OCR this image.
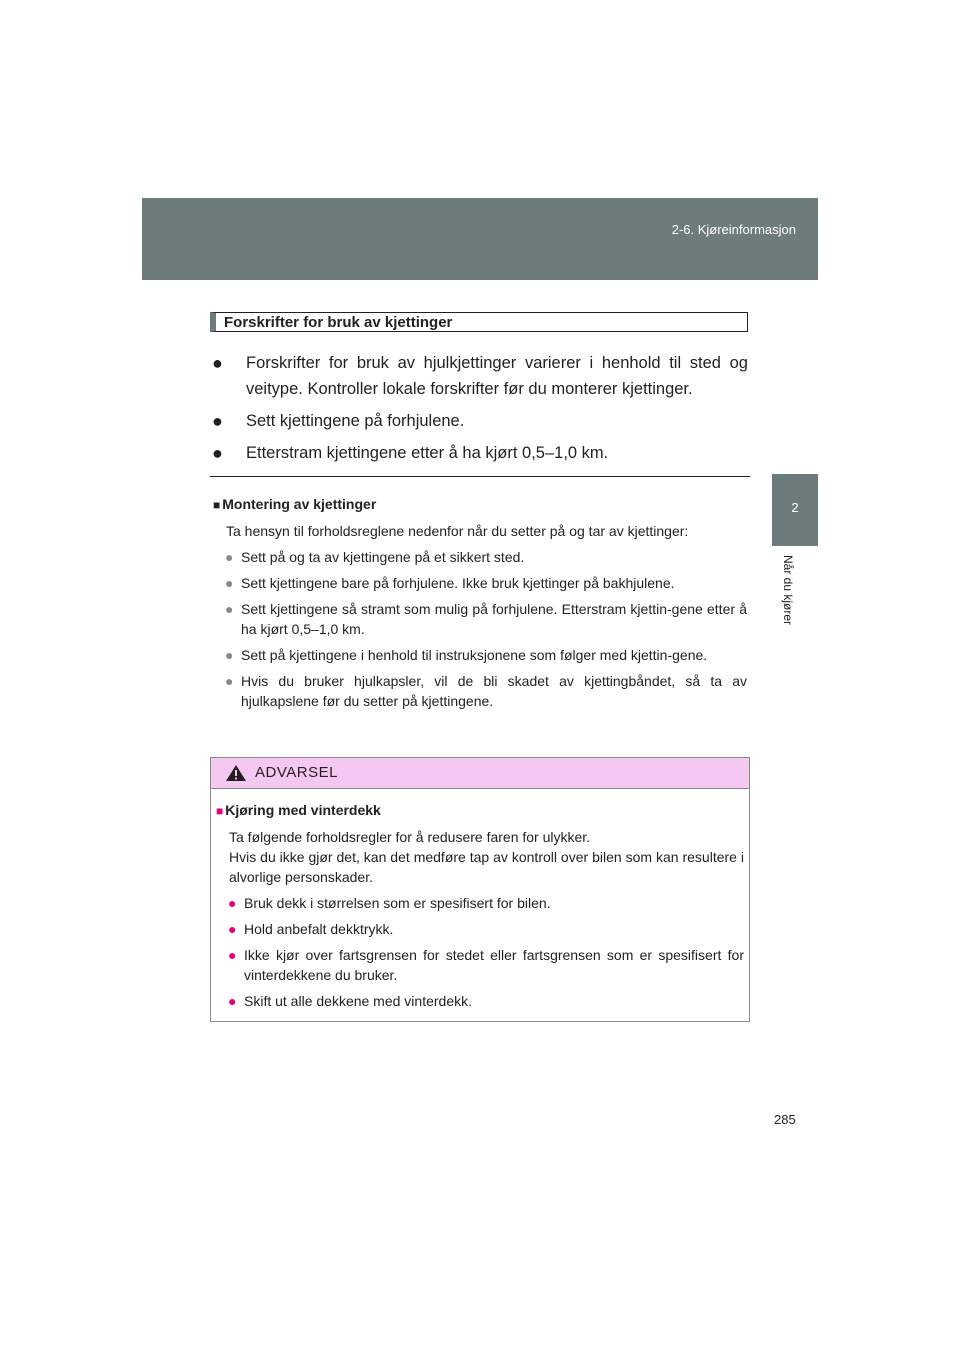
2-6. Kjøreinformasjon
2
Når du kjører
Forskrifter for bruk av kjettinger
● Forskrifter for bruk av hjulkjettinger varierer i henhold til sted og veitype. Kontroller lokale forskrifter før du monterer kjettinger.
● Sett kjettingene på forhjulene.
● Etterstram kjettingene etter å ha kjørt 0,5–1,0 km.
■ Montering av kjettinger
Ta hensyn til forholdsreglene nedenfor når du setter på og tar av kjettinger:
● Sett på og ta av kjettingene på et sikkert sted.
● Sett kjettingene bare på forhjulene. Ikke bruk kjettinger på bakhjulene.
● Sett kjettingene så stramt som mulig på forhjulene. Etterstram kjettin-gene etter å ha kjørt 0,5–1,0 km.
● Sett på kjettingene i henhold til instruksjonene som følger med kjettin-gene.
● Hvis du bruker hjulkapsler, vil de bli skadet av kjettingbåndet, så ta av hjulkapslene før du setter på kjettingene.
ADVARSEL
■ Kjøring med vinterdekk
Ta følgende forholdsregler for å redusere faren for ulykker.
Hvis du ikke gjør det, kan det medføre tap av kontroll over bilen som kan resultere i alvorlige personskader.
● Bruk dekk i størrelsen som er spesifisert for bilen.
● Hold anbefalt dekktrykk.
● Ikke kjør over fartsgrensen for stedet eller fartsgrensen som er spesifisert for vinterdekkene du bruker.
● Skift ut alle dekkene med vinterdekk.
285
